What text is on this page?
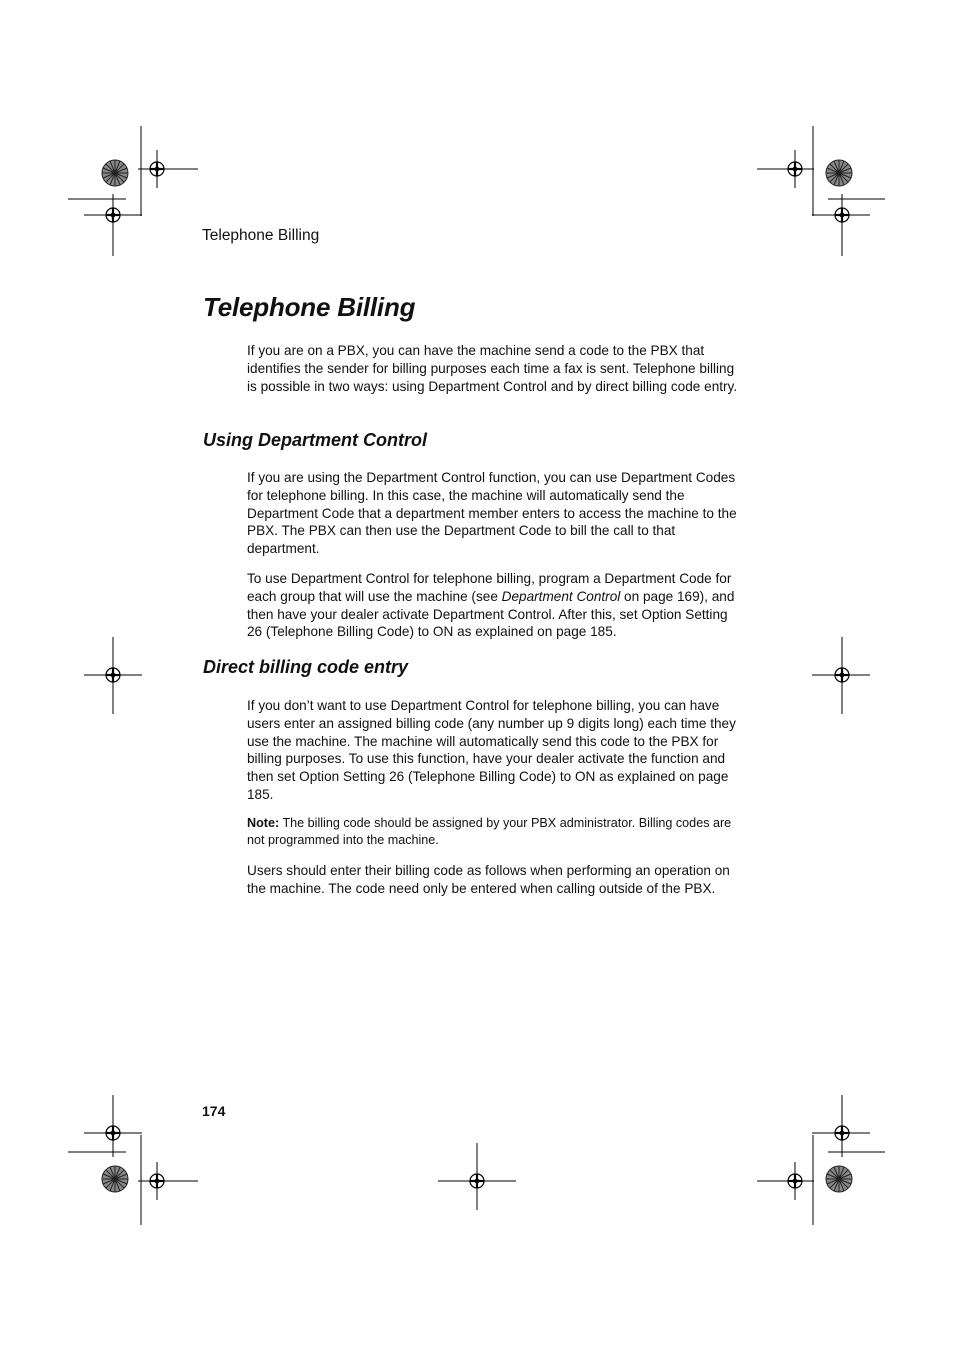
Telephone Billing
Telephone Billing

If you are on a PBX, you can have the machine send a code to the PBX that identifies the sender for billing purposes each time a fax is sent. Telephone billing is possible in two ways: using Department Control and by direct billing code entry.

Using Department Control

If you are using the Department Control function, you can use Department Codes for telephone billing. In this case, the machine will automatically send the Department Code that a department member enters to access the machine to the PBX. The PBX can then use the Department Code to bill the call to that department.

To use Department Control for telephone billing, program a Department Code for each group that will use the machine (see Department Control on page 169), and then have your dealer activate Department Control. After this, set Option Setting 26 (Telephone Billing Code) to ON as explained on page 185.

Direct billing code entry

If you don’t want to use Department Control for telephone billing, you can have users enter an assigned billing code (any number up 9 digits long) each time they use the machine. The machine will automatically send this code to the PBX for billing purposes. To use this function, have your dealer activate the function and then set Option Setting 26 (Telephone Billing Code) to ON as explained on page 185.

Note: The billing code should be assigned by your PBX administrator. Billing codes are not programmed into the machine.

Users should enter their billing code as follows when performing an operation on the machine. The code need only be entered when calling outside of the PBX.

174
